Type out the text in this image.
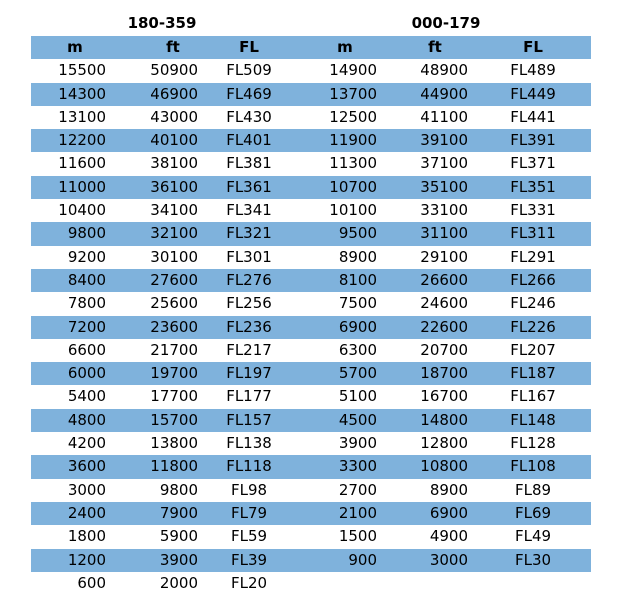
180-359	000-179
m	ft	FL	m	ft	FL
15500	50900	FL509	14900	48900	FL489
14300	46900	FL469	13700	44900	FL449
13100	43000	FL430	12500	41100	FL441
12200	40100	FL401	11900	39100	FL391
11600	38100	FL381	11300	37100	FL371
11000	36100	FL361	10700	35100	FL351
10400	34100	FL341	10100	33100	FL331
9800	32100	FL321	9500	31100	FL311
9200	30100	FL301	8900	29100	FL291
8400	27600	FL276	8100	26600	FL266
7800	25600	FL256	7500	24600	FL246
7200	23600	FL236	6900	22600	FL226
6600	21700	FL217	6300	20700	FL207
6000	19700	FL197	5700	18700	FL187
5400	17700	FL177	5100	16700	FL167
4800	15700	FL157	4500	14800	FL148
4200	13800	FL138	3900	12800	FL128
3600	11800	FL118	3300	10800	FL108
3000	9800	FL98	2700	8900	FL89
2400	7900	FL79	2100	6900	FL69
1800	5900	FL59	1500	4900	FL49
1200	3900	FL39	900	3000	FL30
600	2000	FL20
